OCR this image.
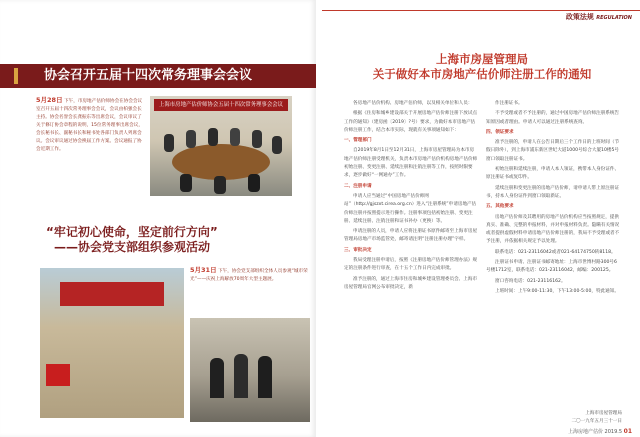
协会召开五届十四次常务理事会会议
5月28日 下午，市房地产估价师协会在协会会议室召开五届十四次常务理事会会议，会议由柏强会长主持。协会名誉会长龚振东等出席会议，会议审议了关于修订协会章程的说明，15位常务理事出席会议，会长秘书长、副秘书长和秘书处各部门负责人列席会议。会议审议通过协会换届工作方案。会议通报了协会近期工作。
上海市房地产估价师协会五届十四次常务理事会会议
“牢记初心使命，坚定前行方向”
——协会党支部组织参观活动
5月31日 下午，协会党支部组织全体人员参观“城市荣光”——庆祝上海解放70周年大型主题展。
政策法规 REGULATION
上海市房屋管理局
关于做好本市房地产估价师注册工作的通知

各房地产估价机构、房地产估价师，以及相关单位和人员：

根据《住房和城乡建设部关于开展房地产估价师注册下放试点工作的通知》（建房函〔2019〕?号）要求，为做好本市房地产估价师注册工作，结合本市实际，现就有关事项通知如下：

一、管理部门

自2019年8月1日至12月31日，上海市房屋管理局为本市房地产估价师注册受理机关，负责本市房地产估价机构房地产估价师初始注册、变更注册、延续注册和注销注册等工作，按照时限要求，逐步做好“一网通办”工作。

二、注册申请

申请人应当通过“中国房地产估价师网站”（http://gjszxt.cirea.org.cn）进入“注册系统”申请房地产估价师注册并按照提示进行操作。注册事项包括初始注册、变更注册、延续注册、注销注册和证书补办（更换）等。

申请注册的人员，申请人应将注册证书原件邮寄至上海市房屋管理局房地产市场监管处，邮寄请注明“注册注册办理”字样。

三、审批决定

我局受理注册申请后，按照《注册房地产估价师管理办法》规定的注册条件进行审查，在十五个工作日内完成审批。

准予注册的，通过上海市住房和城乡建设管理委员会、上海市房屋管理局官网公布审批决定，新

作注册证书。

不予受理或者不予注册的，通过中国房地产估价师注册系统告知原因或者理由。申请人可以通过注册系统查询。

四、领证要求

准予注册的，申请人在公告日期后三个工作日的上班时间（节假日除外），到上海市浦东新区世纪大道1000号综合大厦10楼5号窗口领取注册证书。

初始注册和延续注册，申请人本人领证，携带本人身份证件、原注册证书或复印件。

延续注册和变更注册的房地产估价师，请申请人带上原注册证书，持本人身份证件到窗口领取新证。

五、其他要求

房地产估价师及其聘用的房地产估价机构应当按照规定，提供真实、准确、完整的申报材料，并对申报材料负责。隐瞒有关情况或者提供虚假材料申请房地产估价师注册的，我局不予受理或者不予注册，并依据相关规定予以处理。

联系电话：021-23116042或者021-64174750转8118。

注册证书申请、注册证书邮寄地址：上海市世博村路300号6号楼1712室，联系电话：021-23116042，邮编：200125。

窗口咨询电话：021-23116162。

上班时间：上午9:00-11:30，下午13:00-5:00，特此通知。

上海市房屋管理局
二〇一九年五月三十一日
上海房地产估价 2019.5 01
